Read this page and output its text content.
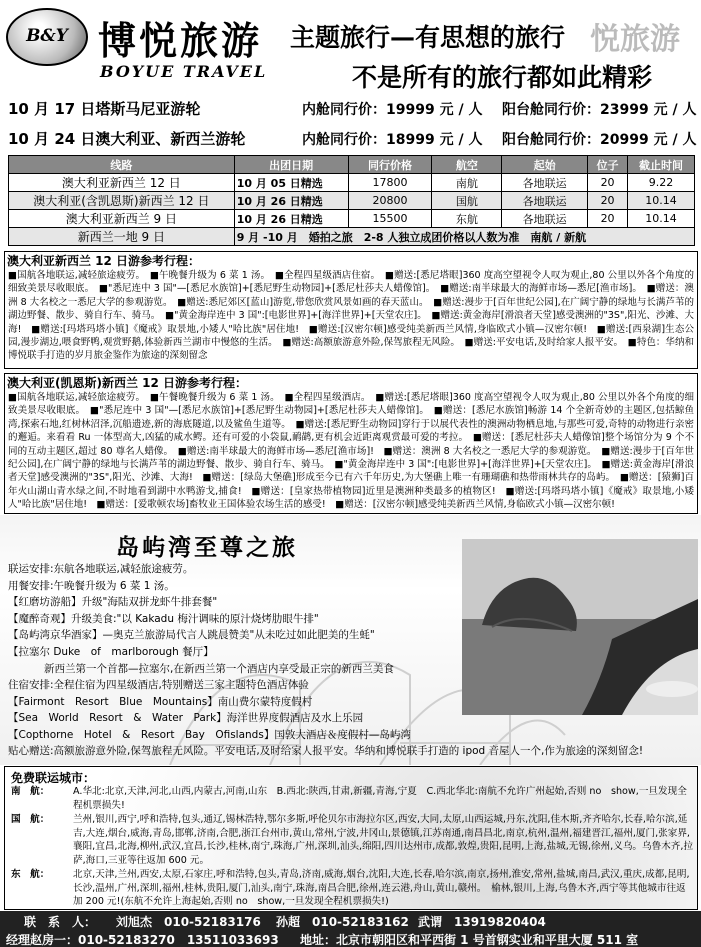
B&Y 博悦旅游
BOYUE TRAVEL
悦旅游
主题旅行—有思想的旅行
不是所有的旅行都如此精彩
10 月 17 日塔斯马尼亚游轮	内舱同行价：19999 元 / 人 阳台舱同行价：23999 元 / 人
10 月 24 日澳大利亚、新西兰游轮	内舱同行价：18999 元 / 人 阳台舱同行价：20999 元 / 人
线路	出团日期	同行价格	航空	起始	位子	截止时间
澳大利亚新西兰 12 日	10 月 05 日精选	17800	南航	各地联运	20	9.22
澳大利亚(含凯恩斯)新西兰 12 日	10 月 26 日精选	20800	国航	各地联运	20	10.14
澳大利亚新西兰 9 日	10 月 26 日精选	15500	东航	各地联运	20	10.14
新西兰一地 9 日	9 月 -10 月　婚拍之旅　2-8 人独立成团价格以人数为准　南航 / 新航					
澳大利亚新西兰 12 日游参考行程：
■国航各地联运,减轻旅途疲劳。　■午晚餐升级为 6 菜 1 汤。　■全程四星级酒店住宿。　■赠送:[悉尼塔眼]360 度高空望视令人叹为观止,80 公里以外各个角度的细致美景尽收眼底。　■"悉尼连中 3 国"—[悉尼水族馆]+[悉尼野生动物园]+[悉尼杜莎夫人蜡像馆]。　■赠送:南半球最大的海鲜市场—悉尼[渔市场]。　■赠送：澳洲 8 大名校之一悉尼大学的参观游览。　■赠送:悉尼郊区[蓝山]游览,带您欣赏风景如画的春天蓝山。　■赠送:漫步于[百年世纪公园],在广阔宁静的绿地与长满芦苇的湖边野餐、散步、骑自行车、骑马。　■"黄金海岸连中 3 国":[电影世界]+[海洋世界]+[天堂农庄]。　■赠送:黄金海岸[滑浪者天堂]感受澳洲的"3S",阳光、沙滩、大海!　■赠送:[玛塔玛塔小镇]《魔戒》取景地,小矮人"哈比族"居住地!　■赠送:[汉密尔顿]感受纯美新西兰风情,身临欧式小镇—汉密尔顿!　■赠送:[西泉湖]生态公园,漫步湖边,喂食野鸭,观赏野鹅,体验新西兰湖市中慢悠的生活。　■赠送:高额旅游意外险,保驾旅程无风险。　■赠送:平安电话,及时给家人报平安。　■特色：华纳和博悦联手打造的岁月旅金鉴作为旅途的深刻留念
澳大利亚(凯恩斯)新西兰 12 日游参考行程：
■国航各地联运,减轻旅途疲劳。　■午餐晚餐升级为 6 菜 1 汤。　■全程四星级酒店。　■赠送:[悉尼塔眼]360 度高空望视令人叹为观止,80 公里以外各个角度的细致美景尽收眼底。　■"悉尼连中 3 国"—[悉尼水族馆]+[悉尼野生动物园]+[悉尼杜莎夫人蜡像馆]。　■赠送：[悉尼水族馆]畅游 14 个全新奇妙的主题区,包括鲸鱼湾,探索石地,红树林沼泽,沉船遗迹,新的海底隧道,以及鲨鱼生道等。　■赠送:[悉尼野生动物园]穿行于以展代表性的澳洲动物栖息地,与那些可爱,奇特的动物进行亲密的邂逅。来看看 Ru 一体型高大,凶猛的咸水鳄。还有可爱的小袋鼠,鸸鹋,更有机会近距离观赏最可爱的考拉。　■赠送：[悉尼杜莎夫人蜡像馆]整个场馆分为 9 个不同的互动主题区,超过 80 尊名人蜡像。　■赠送:南半球最大的海鲜市场—悉尼[渔市场]!　■赠送：澳洲 8 大名校之一悉尼大学的参观游览。　■赠送:漫步于[百年世纪公园],在广阔宁静的绿地与长满芦苇的湖边野餐、散步、骑自行车、骑马。　■"黄金海岸连中 3 国":[电影世界]+[海洋世界]+[天堂农庄]。　■赠送:黄金海岸[滑浪者天堂]感受澳洲的"3S",阳光、沙滩、大海!　■赠送：[绿岛大堡礁]形成至今已有六千年历史,为大堡礁上唯一有珊瑚礁和热带雨林共存的岛屿。　■赠送：[猿狮]百年火山湖山青水绿之间,不时地看到湖中水鸭游戈,捕食!　■赠送：[皇家热带植物园]近里是澳洲种类最多的植物区!　■赠送:[玛塔玛塔小镇]《魔戒》取景地,小矮人"哈比族"居住地!　■赠送：[爱歌顿农场]畜牧业王国体验农场生活的感受!　■赠送：[汉密尔顿]感受纯美新西兰风情,身临欧式小镇—汉密尔顿!
岛屿湾至尊之旅
联运安排:东航各地联运,减轻旅途疲劳。
用餐安排:午晚餐升级为 6 菜 1 汤。
【红磨坊游船】升级"海陆双拼龙虾牛排套餐"
【魔醉奇观】升级美食:"以 Kakadu 梅汁调味的原汁烧烤肋眼牛排"
【岛屿湾京华酒家】—奥克兰旅游局代言人跳晨赞美"从未吃过如此肥美的生蚝"
【拉塞尔 Duke　of　marlborough 餐厅】
新西兰第一个首都—拉塞尔,在新西兰第一个酒店内享受最正宗的新西兰美食
住宿安排:全程住宿为四星级酒店,特别赠送三家主题特色酒店体验
【Fairmont　Resort　Blue　Mountains】南山费尔蒙特度假村
【Sea　World　Resort　&　Water　Park】海洋世界度假酒店及水上乐园
【Copthorne　Hotel　&　Resort　Bay　Ofislands】国敦大酒店＆度假村—岛屿湾
贴心赠送:高额旅游意外险,保驾旅程无风险。平安电话,及时给家人报平安。华纳和博悦联手打造的 ipod 音屋人一个,作为旅途的深刻留念!
免费联运城市：
南　航： A.华北:北京,天津,河北,山西,内蒙古,河南,山东　B.西北:陕西,甘肃,新疆,青海,宁夏　C.西北华北:南航不允许广州起始,否则 no　show,一旦发现全程机票损失!
国　航： 兰州,银川,西宁,呼和浩特,包头,通辽,锡林浩特,鄂尔多斯,呼伦贝尔市海拉尔区,西安,大同,太原,山西运城,丹东,沈阳,佳木斯,齐齐哈尔,长春,哈尔滨,延吉,大连,烟台,威海,青岛,邯郸,济南,合肥,浙江台州市,黄山,常州,宁波,井冈山,景德镇,江苏南通,南昌昌北,南京,杭州,温州,福建晋江,福州,厦门,张家界,襄阳,宜昌,北海,柳州,武汉,宜昌,长沙,桂林,南宁,珠海,广州,深圳,汕头,绵阳,四川达州市,成都,敦煌,贵阳,昆明,上海,盐城,无锡,徐州,义乌。乌鲁木齐,拉萨,海口,三亚等往返加 600 元。
东　航： 北京,天津,兰州,西安,太原,石家庄,呼和浩特,包头,青岛,济南,威海,烟台,沈阳,大连,长春,哈尔滨,南京,扬州,淮安,常州,盐城,南昌,武汉,重庆,成都,昆明,长沙,温州,广州,深圳,福州,桂林,贵阳,厦门,汕头,南宁,珠海,南昌合肥,徐州,连云港,舟山,黄山,赣州。　榆林,银川,上海,乌鲁木齐,西宁等其他城市往返加 200 元!(东航不允许上海起始,否则 no　show,一旦发现全程机票损失!)
联　系　人： 刘旭杰　010-52183176 孙超　010-52183162 武谓　13919820404
经理赵房一：010-52183270　13511033693 地址：北京市朝阳区和平西街 1 号首钢实业和平里大厦 511 室
